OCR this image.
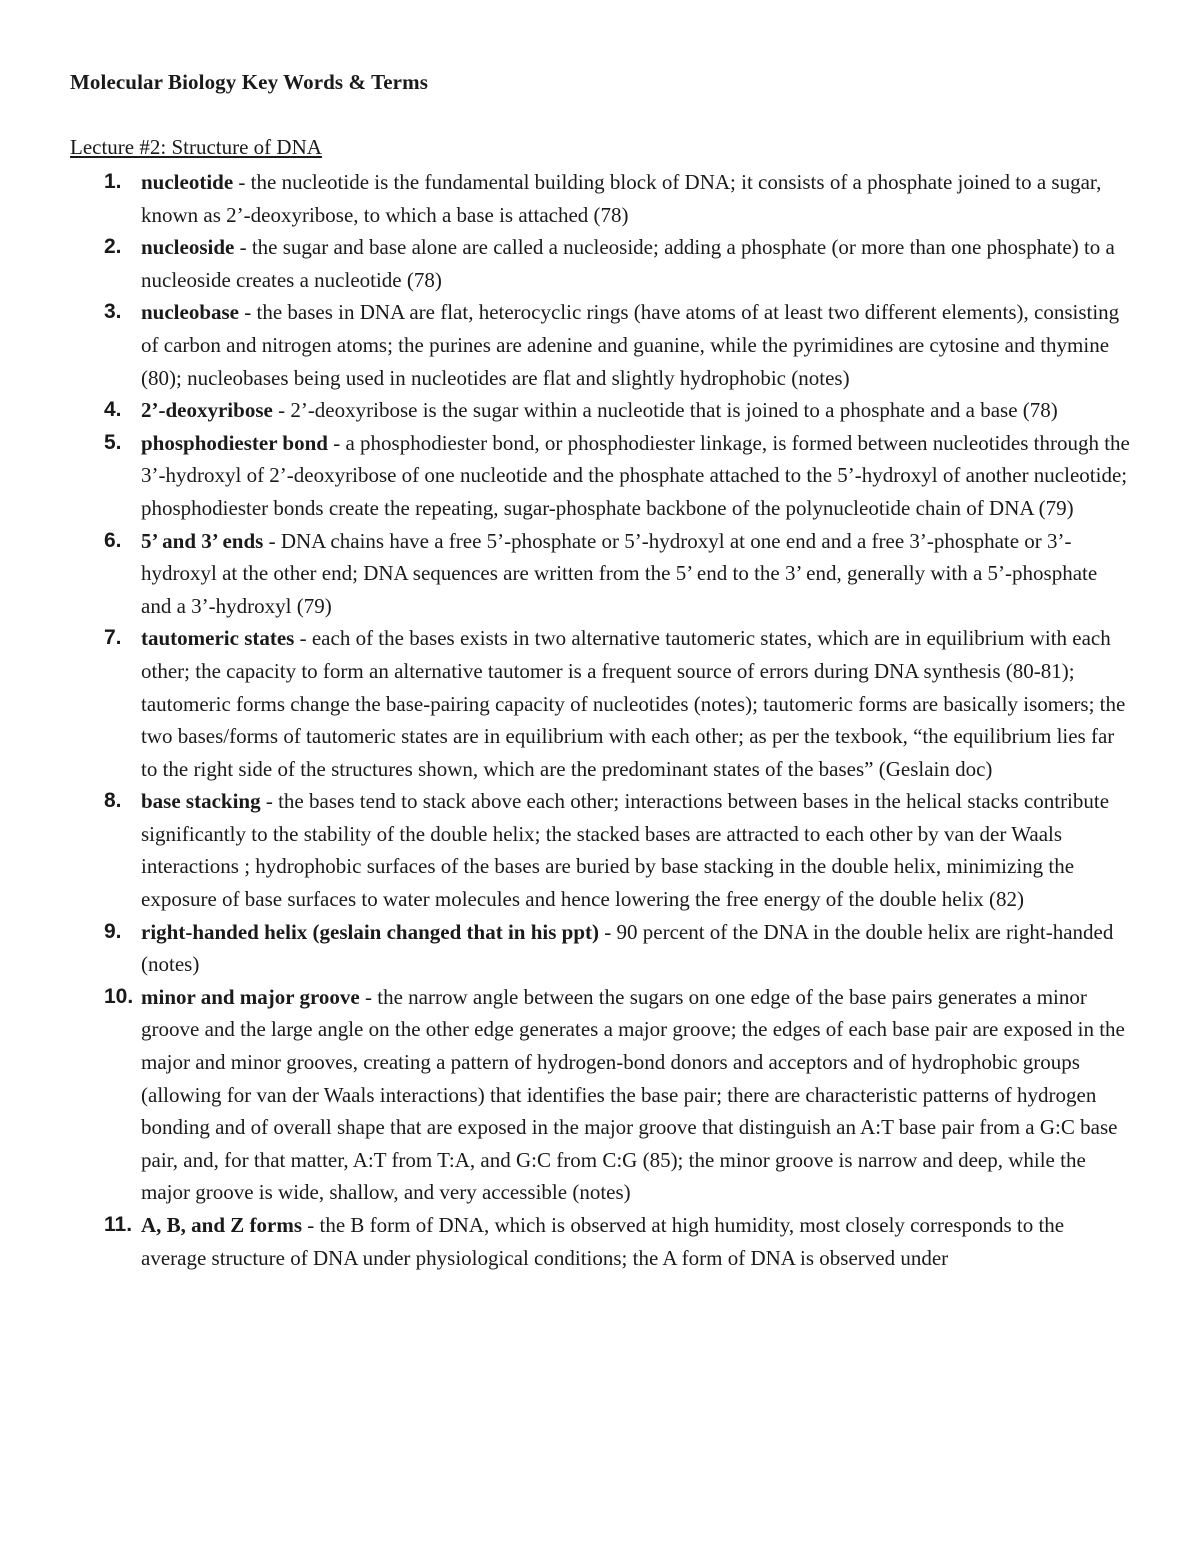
Molecular Biology Key Words & Terms
Lecture #2: Structure of DNA
1. nucleotide - the nucleotide is the fundamental building block of DNA; it consists of a phosphate joined to a sugar, known as 2’-deoxyribose, to which a base is attached (78)
2. nucleoside - the sugar and base alone are called a nucleoside; adding a phosphate (or more than one phosphate) to a nucleoside creates a nucleotide (78)
3. nucleobase - the bases in DNA are flat, heterocyclic rings (have atoms of at least two different elements), consisting of carbon and nitrogen atoms; the purines are adenine and guanine, while the pyrimidines are cytosine and thymine (80); nucleobases being used in nucleotides are flat and slightly hydrophobic (notes)
4. 2’-deoxyribose - 2’-deoxyribose is the sugar within a nucleotide that is joined to a phosphate and a base (78)
5. phosphodiester bond - a phosphodiester bond, or phosphodiester linkage, is formed between nucleotides through the 3’-hydroxyl of 2’-deoxyribose of one nucleotide and the phosphate attached to the 5’-hydroxyl of another nucleotide; phosphodiester bonds create the repeating, sugar-phosphate backbone of the polynucleotide chain of DNA (79)
6. 5’ and 3’ ends - DNA chains have a free 5’-phosphate or 5’-hydroxyl at one end and a free 3’-phosphate or 3’-hydroxyl at the other end; DNA sequences are written from the 5’ end to the 3’ end, generally with a 5’-phosphate and a 3’-hydroxyl (79)
7. tautomeric states - each of the bases exists in two alternative tautomeric states, which are in equilibrium with each other; the capacity to form an alternative tautomer is a frequent source of errors during DNA synthesis (80-81); tautomeric forms change the base-pairing capacity of nucleotides (notes); tautomeric forms are basically isomers; the two bases/forms of tautomeric states are in equilibrium with each other; as per the texbook, “the equilibrium lies far to the right side of the structures shown, which are the predominant states of the bases” (Geslain doc)
8. base stacking - the bases tend to stack above each other; interactions between bases in the helical stacks contribute significantly to the stability of the double helix; the stacked bases are attracted to each other by van der Waals interactions ; hydrophobic surfaces of the bases are buried by base stacking in the double helix, minimizing the exposure of base surfaces to water molecules and hence lowering the free energy of the double helix (82)
9. right-handed helix (geslain changed that in his ppt) - 90 percent of the DNA in the double helix are right-handed (notes)
10. minor and major groove - the narrow angle between the sugars on one edge of the base pairs generates a minor groove and the large angle on the other edge generates a major groove; the edges of each base pair are exposed in the major and minor grooves, creating a pattern of hydrogen-bond donors and acceptors and of hydrophobic groups (allowing for van der Waals interactions) that identifies the base pair; there are characteristic patterns of hydrogen bonding and of overall shape that are exposed in the major groove that distinguish an A:T base pair from a G:C base pair, and, for that matter, A:T from T:A, and G:C from C:G (85); the minor groove is narrow and deep, while the major groove is wide, shallow, and very accessible (notes)
11. A, B, and Z forms - the B form of DNA, which is observed at high humidity, most closely corresponds to the average structure of DNA under physiological conditions; the A form of DNA is observed under
